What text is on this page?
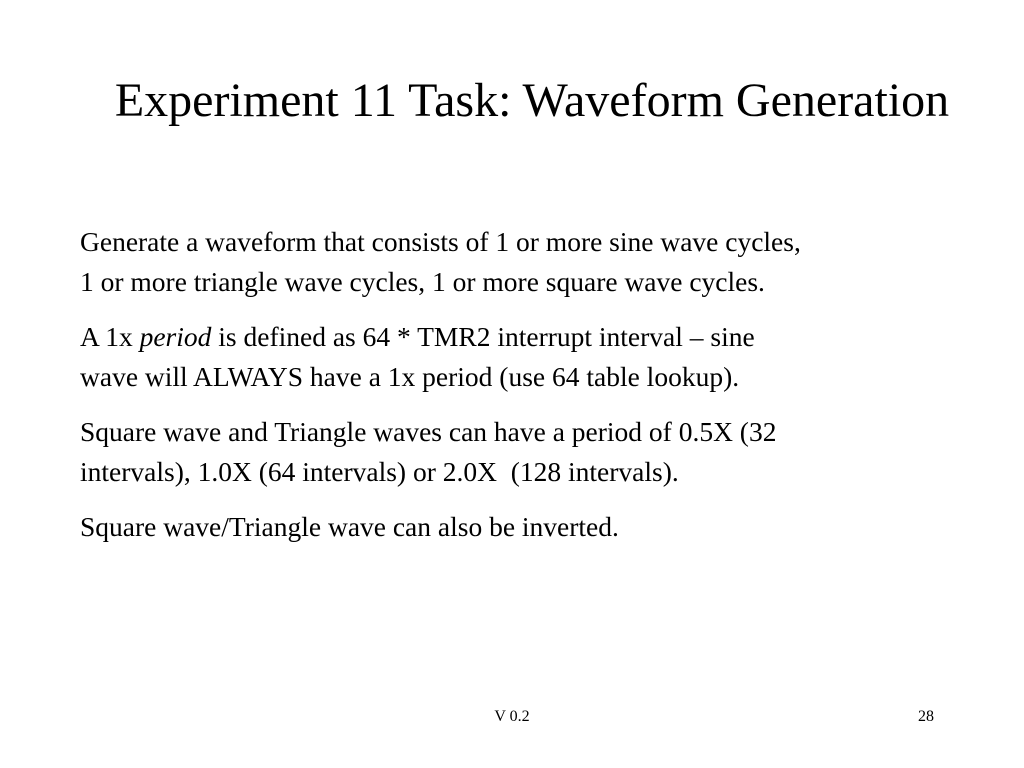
Experiment 11 Task: Waveform Generation

Generate a waveform that consists of 1 or more sine wave cycles,
1 or more triangle wave cycles, 1 or more square wave cycles.

A 1x period is defined as 64 * TMR2 interrupt interval – sine
wave will ALWAYS have a 1x period (use 64 table lookup).

Square wave and Triangle waves can have a period of 0.5X (32
intervals), 1.0X (64 intervals) or 2.0X  (128 intervals).

Square wave/Triangle wave can also be inverted.

V 0.2	28
